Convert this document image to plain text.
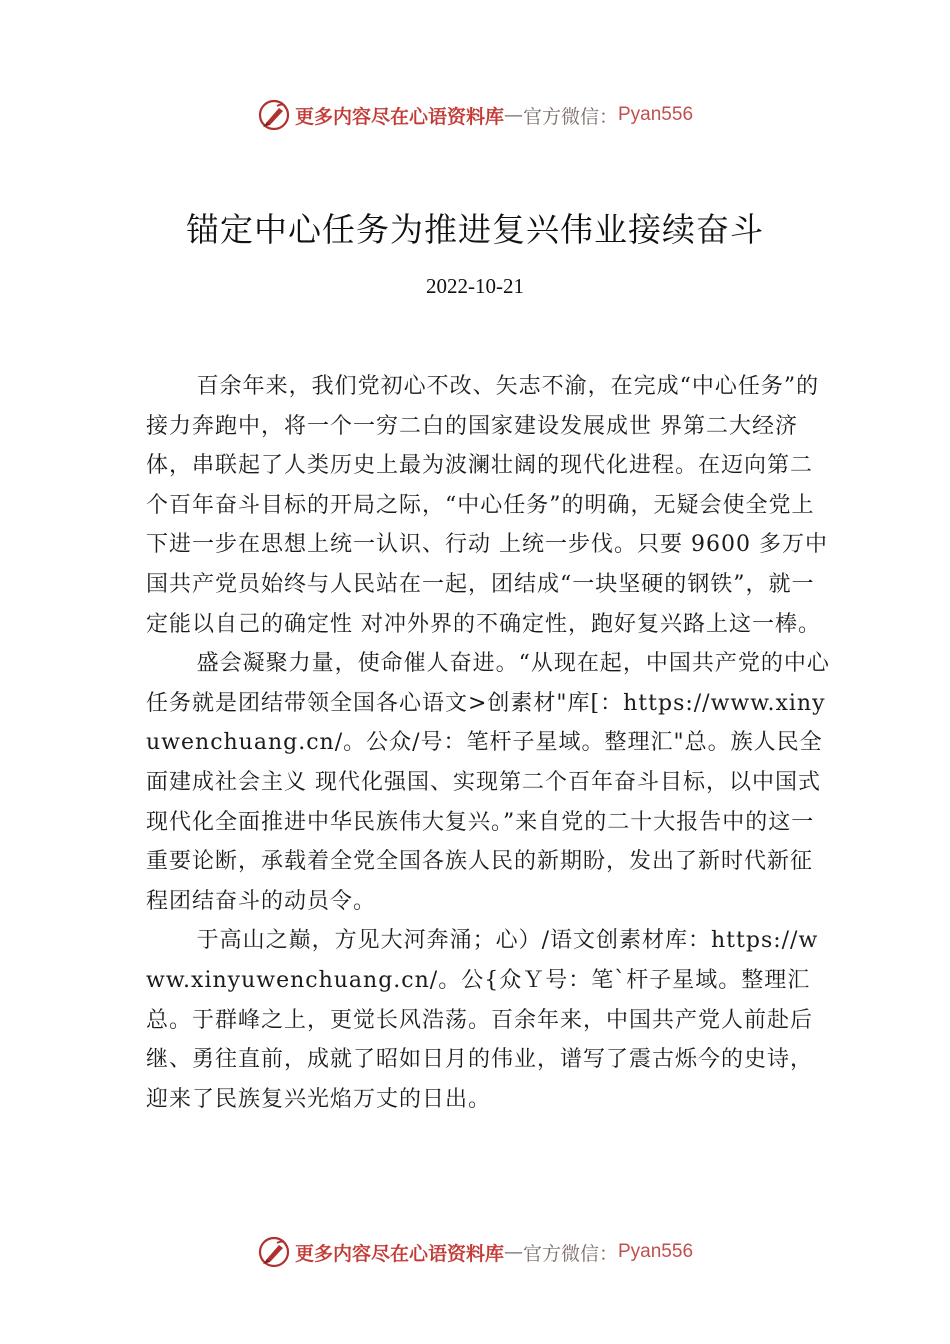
更多内容尽在心语资料库 — 官方微信： Pyan556
锚定中心任务为推进复兴伟业接续奋斗
2022-10-21

百余年来，我们党初心不改、矢志不渝，在完成“中心任务”的接力奔跑中，将一个一穷二白的国家建设发展成世 界第二大经济体，串联起了人类历史上最为波澜壮阔的现代化进程。在迈向第二个百年奋斗目标的开局之际，“中心任务”的明确，无疑会使全党上下进一步在思想上统一认识、行动 上统一步伐。只要 9600 多万中国共产党员始终与人民站在一起，团结成“一块坚硬的钢铁”，就一定能以自己的确定性 对冲外界的不确定性，跑好复兴路上这一棒。

盛会凝聚力量，使命催人奋进。“从现在起，中国共产党的中心任务就是团结带领全国各心语文>创素材"库[：https://www.xinyuwenchuang.cn/。公众/号：笔杆子星域。整理汇"总。族人民全面建成社会主义 现代化强国、实现第二个百年奋斗目标，以中国式现代化全面推进中华民族伟大复兴。”来自党的二十大报告中的这一 重要论断，承载着全党全国各族人民的新期盼，发出了新时代新征程团结奋斗的动员令。

于高山之巅，方见大河奔涌；心）/语文创素材库：https://www.xinyuwenchuang.cn/。公{众Ｙ号：笔`杆子星域。整理汇总。于群峰之上，更觉长风浩荡。百余年来，中国共产党人前赴后继、勇往直前，成就了昭如日月的伟业，谱写了震古烁今的史诗，迎来了民族复兴光焰万丈的日出。

更多内容尽在心语资料库 — 官方微信： Pyan556
